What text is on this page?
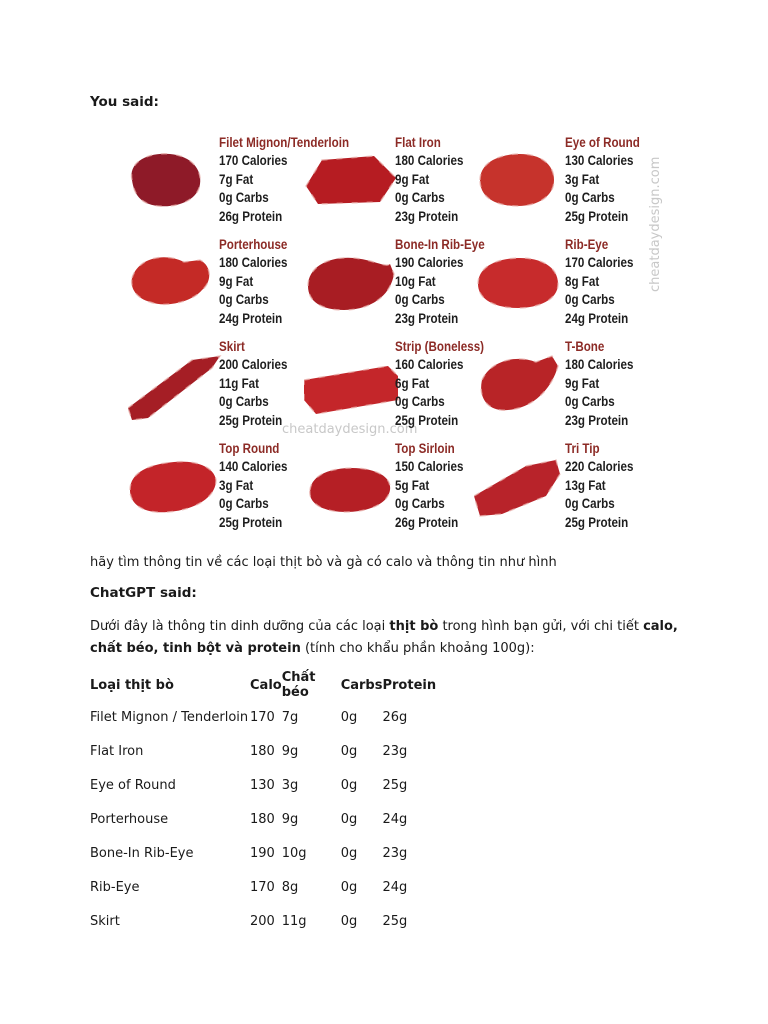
You said:
cheatdaydesign.com
cheatdaydesign.com
Filet Mignon/Tenderloin
170 Calories
7g Fat
0g Carbs
26g Protein
Flat Iron
180 Calories
9g Fat
0g Carbs
23g Protein
Eye of Round
130 Calories
3g Fat
0g Carbs
25g Protein
Porterhouse
180 Calories
9g Fat
0g Carbs
24g Protein
Bone-In Rib-Eye
190 Calories
10g Fat
0g Carbs
23g Protein
Rib-Eye
170 Calories
8g Fat
0g Carbs
24g Protein
Skirt
200 Calories
11g Fat
0g Carbs
25g Protein
Strip (Boneless)
160 Calories
6g Fat
0g Carbs
25g Protein
T-Bone
180 Calories
9g Fat
0g Carbs
23g Protein
Top Round
140 Calories
3g Fat
0g Carbs
25g Protein
Top Sirloin
150 Calories
5g Fat
0g Carbs
26g Protein
Tri Tip
220 Calories
13g Fat
0g Carbs
25g Protein
hãy tìm thông tin về các loại thịt bò và gà có calo và thông tin như hình
ChatGPT said:
Dưới đây là thông tin dinh dưỡng của các loại thịt bò trong hình bạn gửi, với chi tiết calo, chất béo, tinh bột và protein (tính cho khẩu phần khoảng 100g):
Loại thịt bò	Calo	Chất béo	Carbs	Protein
Filet Mignon / Tenderloin	170	7g	0g	26g
Flat Iron	180	9g	0g	23g
Eye of Round	130	3g	0g	25g
Porterhouse	180	9g	0g	24g
Bone-In Rib-Eye	190	10g	0g	23g
Rib-Eye	170	8g	0g	24g
Skirt	200	11g	0g	25g
